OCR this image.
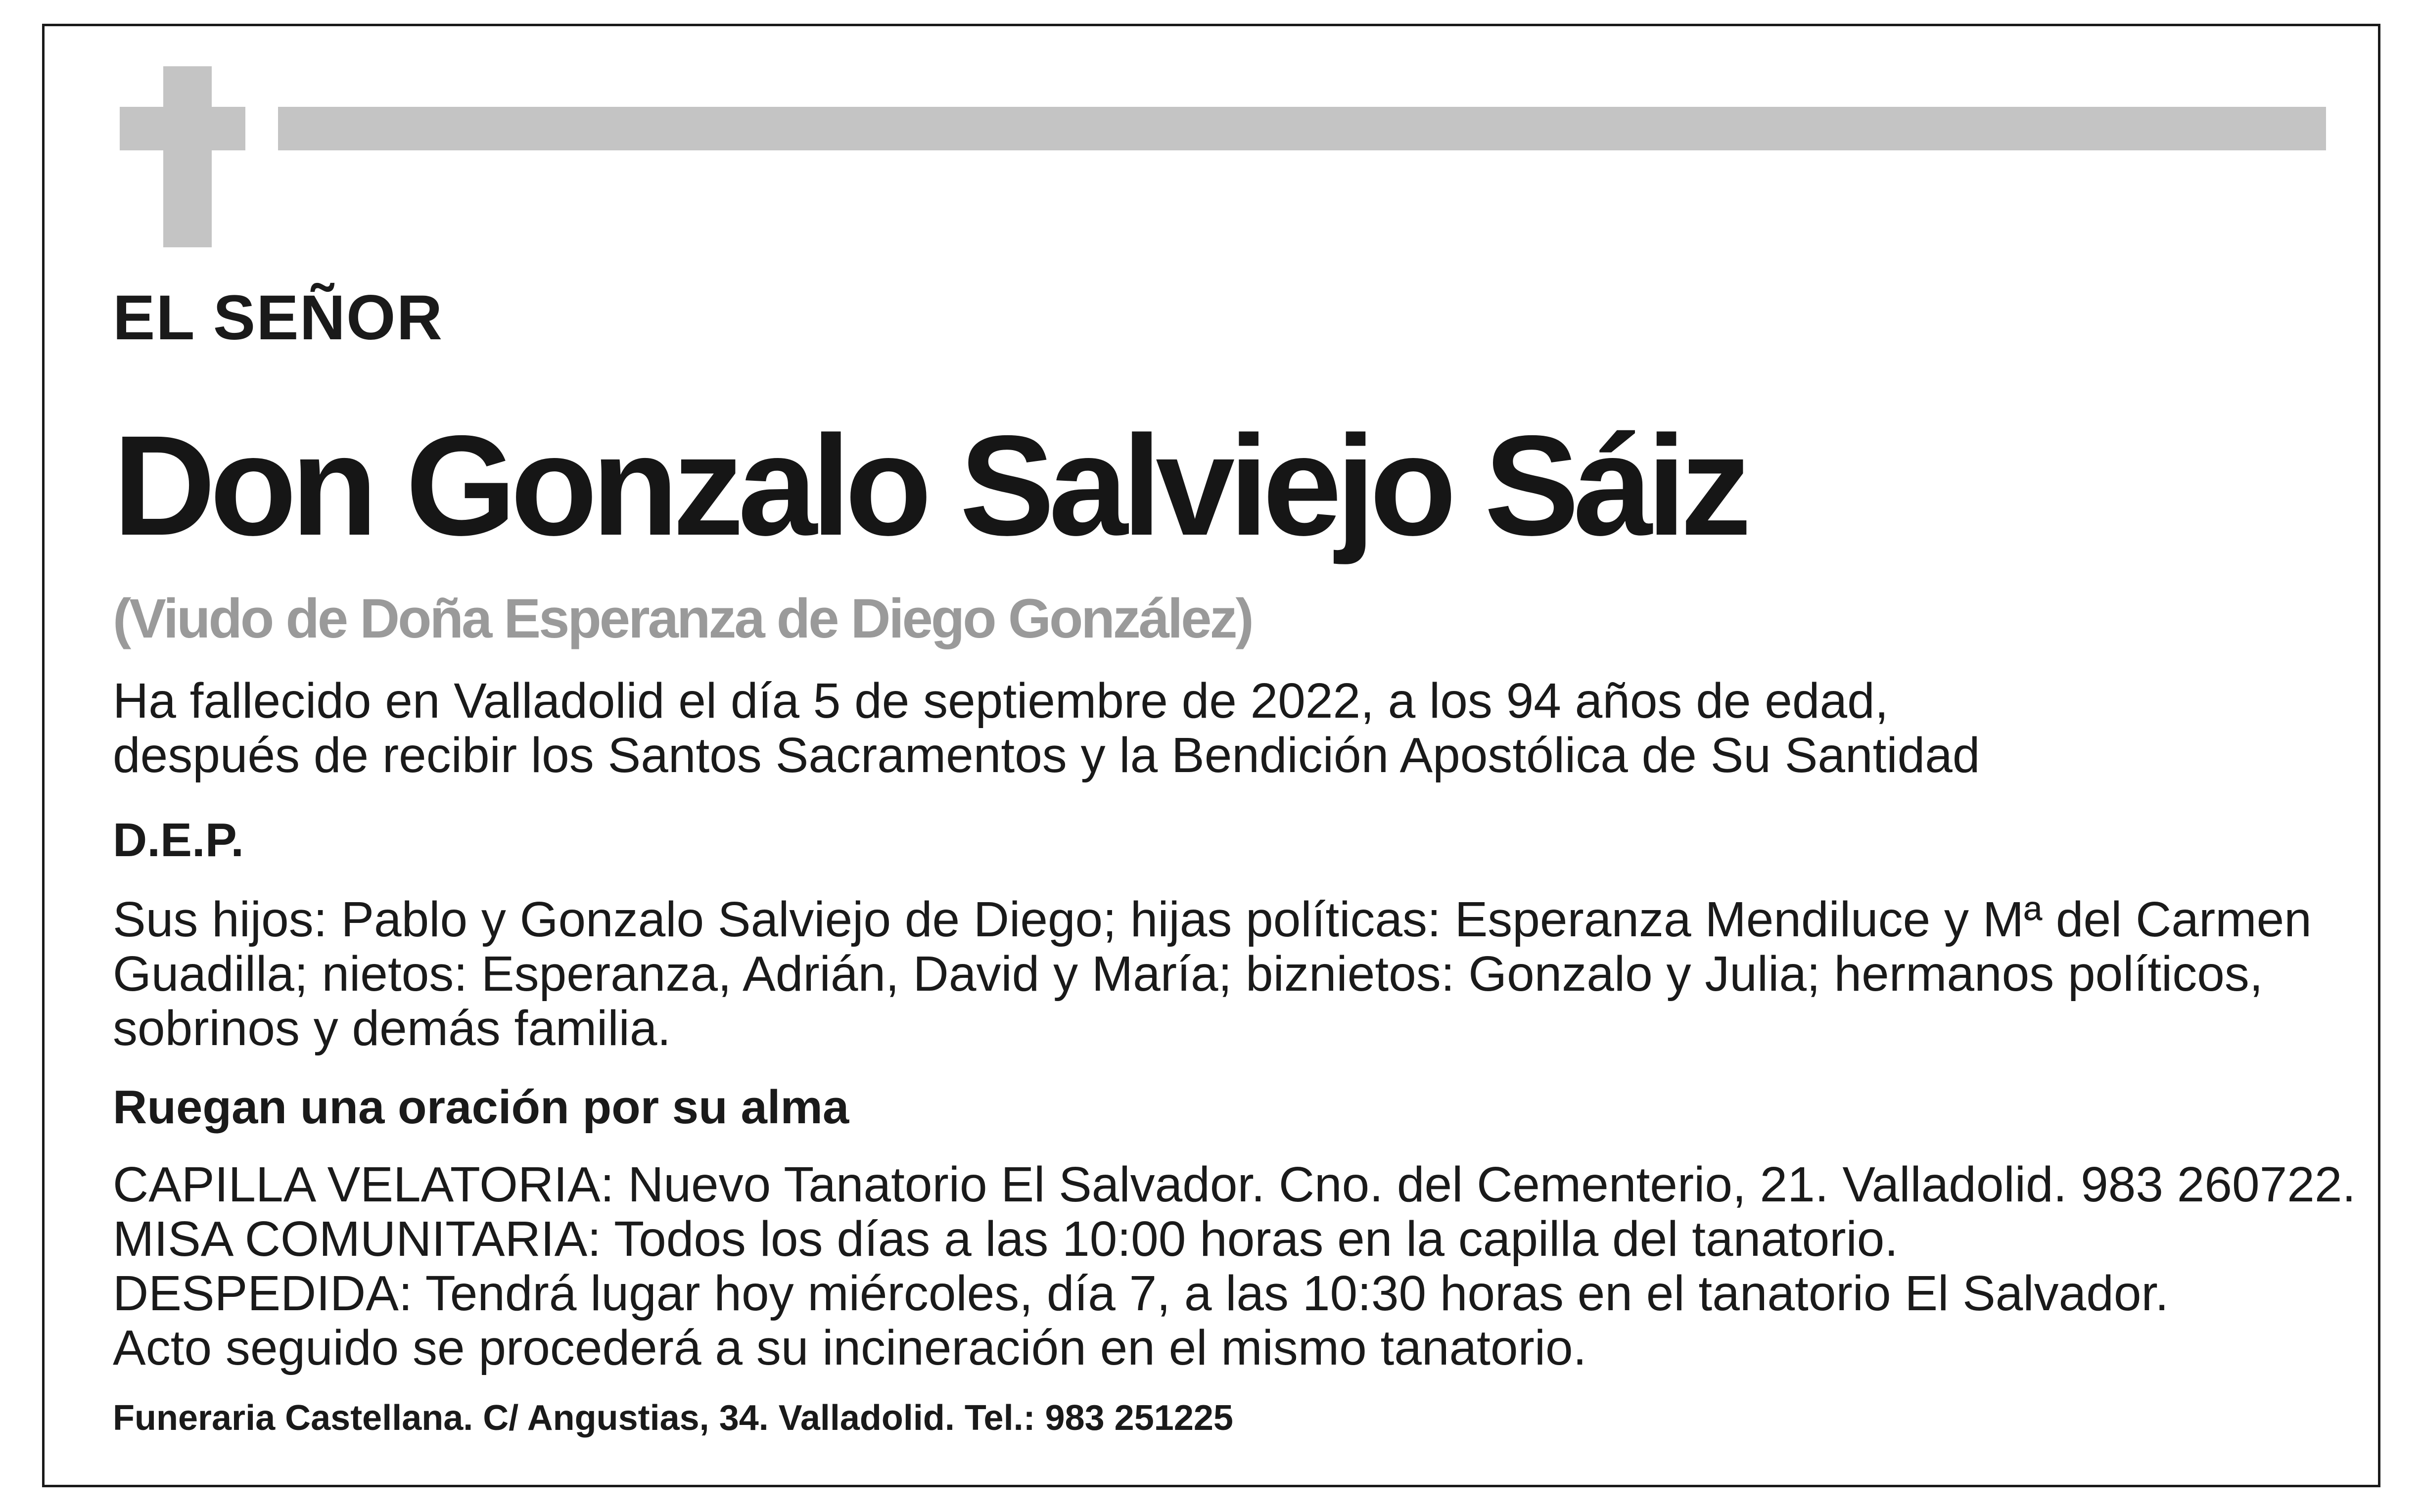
EL SEÑOR

Don Gonzalo Salviejo Sáiz

(Viudo de Doña Esperanza de Diego González)

Ha fallecido en Valladolid el día 5 de septiembre de 2022, a los 94 años de edad,

después de recibir los Santos Sacramentos y la Bendición Apostólica de Su Santidad

D.E.P.

Sus hijos: Pablo y Gonzalo Salviejo de Diego; hijas políticas: Esperanza Mendiluce y Mª del Carmen

Guadilla; nietos: Esperanza, Adrián, David y María; biznietos: Gonzalo y Julia; hermanos políticos,

sobrinos y demás familia.

Ruegan una oración por su alma

CAPILLA VELATORIA: Nuevo Tanatorio El Salvador. Cno. del Cementerio, 21. Valladolid. 983 260722.

MISA COMUNITARIA: Todos los días a las 10:00 horas en la capilla del tanatorio.

DESPEDIDA: Tendrá lugar hoy miércoles, día 7, a las 10:30 horas en el tanatorio El Salvador.

Acto seguido se procederá a su incineración en el mismo tanatorio.

Funeraria Castellana. C/ Angustias, 34. Valladolid. Tel.: 983 251225
